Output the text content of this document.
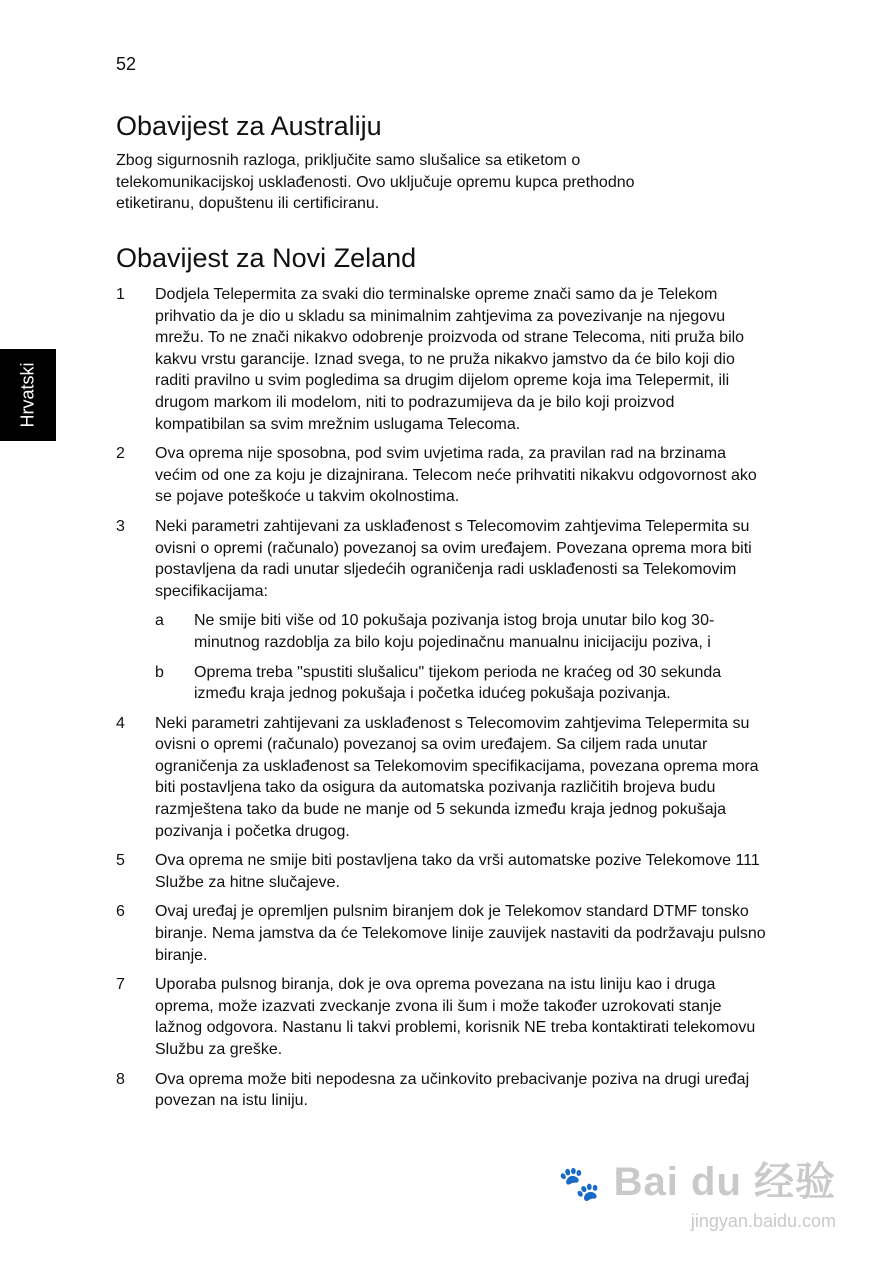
52
Hrvatski
Obavijest za Australiju

Zbog sigurnosnih razloga, priključite samo slušalice sa etiketom o telekomunikacijskoj usklađenosti. Ovo uključuje opremu kupca prethodno etiketiranu, dopuštenu ili certificiranu.

Obavijest za Novi Zeland
1	Dodjela Telepermita za svaki dio terminalske opreme znači samo da je Telekom prihvatio da je dio u skladu sa minimalnim zahtjevima za povezivanje na njegovu mrežu. To ne znači nikakvo odobrenje proizvoda od strane Telecoma, niti pruža bilo kakvu vrstu garancije. Iznad svega, to ne pruža nikakvo jamstvo da će bilo koji dio raditi pravilno u svim pogledima sa drugim dijelom opreme koja ima Telepermit, ili drugom markom ili modelom, niti to podrazumijeva da je bilo koji proizvod kompatibilan sa svim mrežnim uslugama Telecoma.
2	Ova oprema nije sposobna, pod svim uvjetima rada, za pravilan rad na brzinama većim od one za koju je dizajnirana. Telecom neće prihvatiti nikakvu odgovornost ako se pojave poteškoće u takvim okolnostima.
3	Neki parametri zahtijevani za usklađenost s Telecomovim zahtjevima Telepermita su ovisni o opremi (računalo) povezanoj sa ovim uređajem. Povezana oprema mora biti postavljena da radi unutar sljedećih ograničenja radi usklađenosti sa Telekomovim specifikacijama:
a	Ne smije biti više od 10 pokušaja pozivanja istog broja unutar bilo kog 30-minutnog razdoblja za bilo koju pojedinačnu manualnu inicijaciju poziva, i
b	Oprema treba "spustiti slušalicu" tijekom perioda ne kraćeg od 30 sekunda između kraja jednog pokušaja i početka idućeg pokušaja pozivanja.
4	Neki parametri zahtijevani za usklađenost s Telecomovim zahtjevima Telepermita su ovisni o opremi (računalo) povezanoj sa ovim uređajem. Sa ciljem rada unutar ograničenja za usklađenost sa Telekomovim specifikacijama, povezana oprema mora biti postavljena tako da osigura da automatska pozivanja različitih brojeva budu razmještena tako da bude ne manje od 5 sekunda između kraja jednog pokušaja pozivanja i početka drugog.
5	Ova oprema ne smije biti postavljena tako da vrši automatske pozive Telekomove 111 Službe za hitne slučajeve.
6	Ovaj uređaj je opremljen pulsnim biranjem dok je Telekomov standard DTMF tonsko biranje. Nema jamstva da će Telekomove linije zauvijek nastaviti da podržavaju pulsno biranje.
7	Uporaba pulsnog biranja, dok je ova oprema povezana na istu liniju kao i druga oprema, može izazvati zveckanje zvona ili šum i može također uzrokovati stanje lažnog odgovora. Nastanu li takvi problemi, korisnik NE treba kontaktirati telekomovu Službu za greške.
8	Ova oprema može biti nepodesna za učinkovito prebacivanje poziva na drugi uređaj povezan na istu liniju.
🐾 Bai du 经验
jingyan.baidu.com
